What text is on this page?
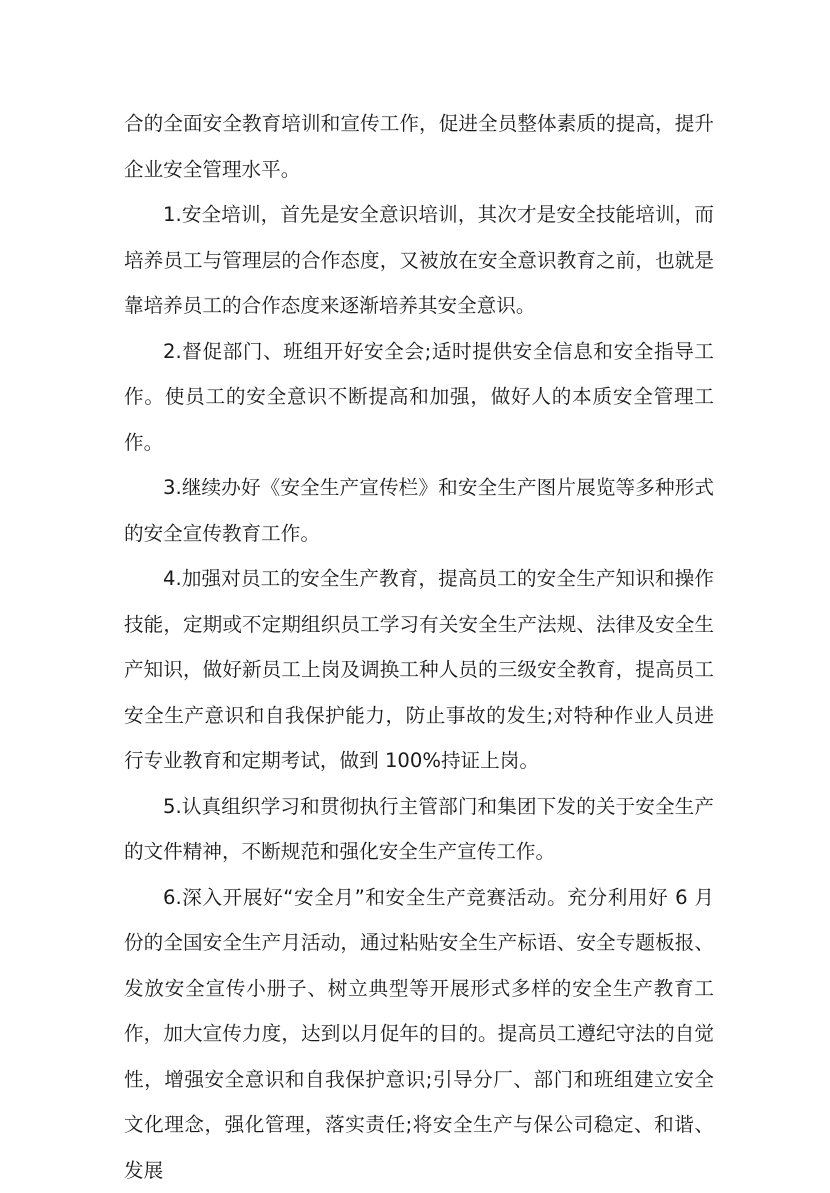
合的全面安全教育培训和宣传工作，促进全员整体素质的提高，提升企业安全管理水平。

1.安全培训，首先是安全意识培训，其次才是安全技能培训，而培养员工与管理层的合作态度，又被放在安全意识教育之前，也就是靠培养员工的合作态度来逐渐培养其安全意识。

2.督促部门、班组开好安全会;适时提供安全信息和安全指导工作。使员工的安全意识不断提高和加强，做好人的本质安全管理工作。

3.继续办好《安全生产宣传栏》和安全生产图片展览等多种形式的安全宣传教育工作。

4.加强对员工的安全生产教育，提高员工的安全生产知识和操作技能，定期或不定期组织员工学习有关安全生产法规、法律及安全生产知识，做好新员工上岗及调换工种人员的三级安全教育，提高员工安全生产意识和自我保护能力，防止事故的发生;对特种作业人员进行专业教育和定期考试，做到 100%持证上岗。

5.认真组织学习和贯彻执行主管部门和集团下发的关于安全生产的文件精神，不断规范和强化安全生产宣传工作。

6.深入开展好“安全月”和安全生产竞赛活动。充分利用好 6 月份的全国安全生产月活动，通过粘贴安全生产标语、安全专题板报、发放安全宣传小册子、树立典型等开展形式多样的安全生产教育工作，加大宣传力度，达到以月促年的目的。提高员工遵纪守法的自觉性，增强安全意识和自我保护意识;引导分厂、部门和班组建立安全文化理念，强化管理，落实责任;将安全生产与保公司稳定、和谐、发展
